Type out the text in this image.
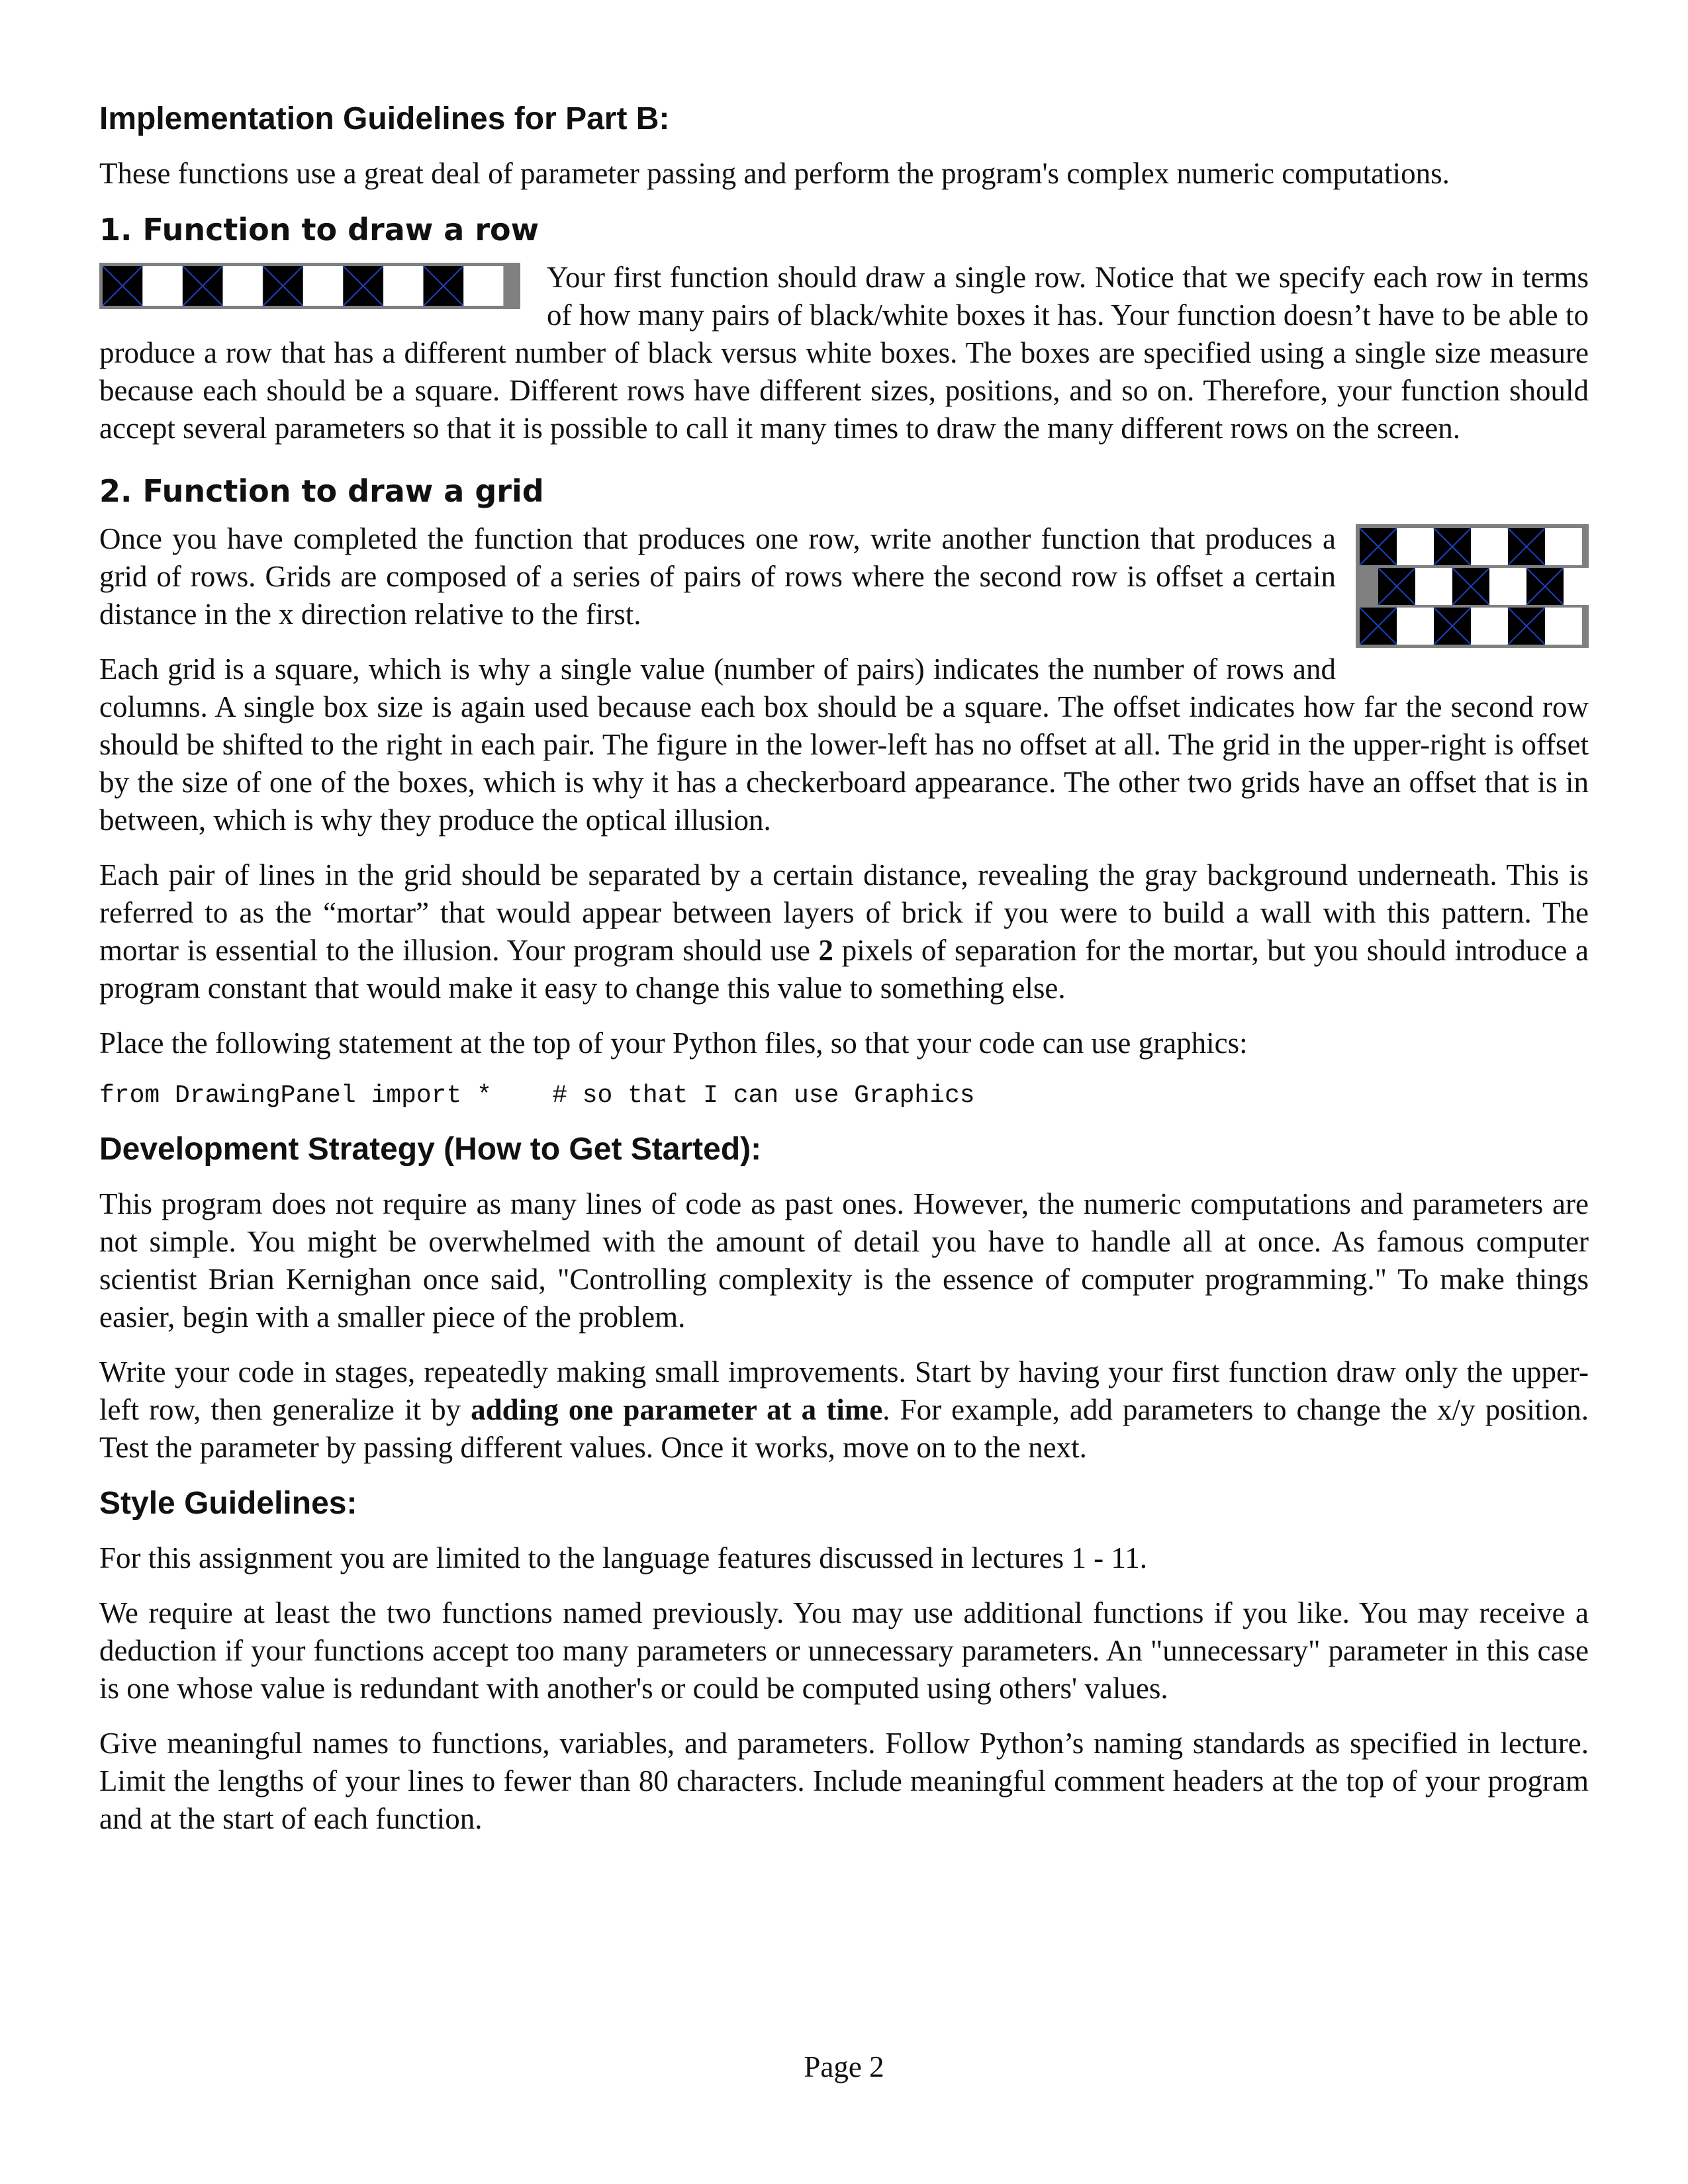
Implementation Guidelines for Part B:

These functions use a great deal of parameter passing and perform the program's complex numeric computations.

1. Function to draw a row

Your first function should draw a single row. Notice that we specify each row in terms of how many pairs of black/white boxes it has. Your function doesn’t have to be able to produce a row that has a different number of black versus white boxes. The boxes are specified using a single size measure because each should be a square. Different rows have different sizes, positions, and so on. Therefore, your function should accept several parameters so that it is possible to call it many times to draw the many different rows on the screen.

2. Function to draw a grid

Once you have completed the function that produces one row, write another function that produces a grid of rows. Grids are composed of a series of pairs of rows where the second row is offset a certain distance in the x direction relative to the first.

Each grid is a square, which is why a single value (number of pairs) indicates the number of rows and columns. A single box size is again used because each box should be a square. The offset indicates how far the second row should be shifted to the right in each pair. The figure in the lower-left has no offset at all. The grid in the upper-right is offset by the size of one of the boxes, which is why it has a checkerboard appearance. The other two grids have an offset that is in between, which is why they produce the optical illusion.

Each pair of lines in the grid should be separated by a certain distance, revealing the gray background underneath. This is referred to as the “mortar” that would appear between layers of brick if you were to build a wall with this pattern. The mortar is essential to the illusion. Your program should use 2 pixels of separation for the mortar, but you should introduce a program constant that would make it easy to change this value to something else.

Place the following statement at the top of your Python files, so that your code can use graphics:

from DrawingPanel import *    # so that I can use Graphics
Development Strategy (How to Get Started):

This program does not require as many lines of code as past ones. However, the numeric computations and parameters are not simple. You might be overwhelmed with the amount of detail you have to handle all at once. As famous computer scientist Brian Kernighan once said, "Controlling complexity is the essence of computer programming." To make things easier, begin with a smaller piece of the problem.

Write your code in stages, repeatedly making small improvements. Start by having your first function draw only the upper-left row, then generalize it by adding one parameter at a time. For example, add parameters to change the x/y position. Test the parameter by passing different values. Once it works, move on to the next.

Style Guidelines:

For this assignment you are limited to the language features discussed in lectures 1 - 11.

We require at least the two functions named previously. You may use additional functions if you like. You may receive a deduction if your functions accept too many parameters or unnecessary parameters. An "unnecessary" parameter in this case is one whose value is redundant with another's or could be computed using others' values.

Give meaningful names to functions, variables, and parameters. Follow Python’s naming standards as specified in lecture. Limit the lengths of your lines to fewer than 80 characters. Include meaningful comment headers at the top of your program and at the start of each function.

Page 2
